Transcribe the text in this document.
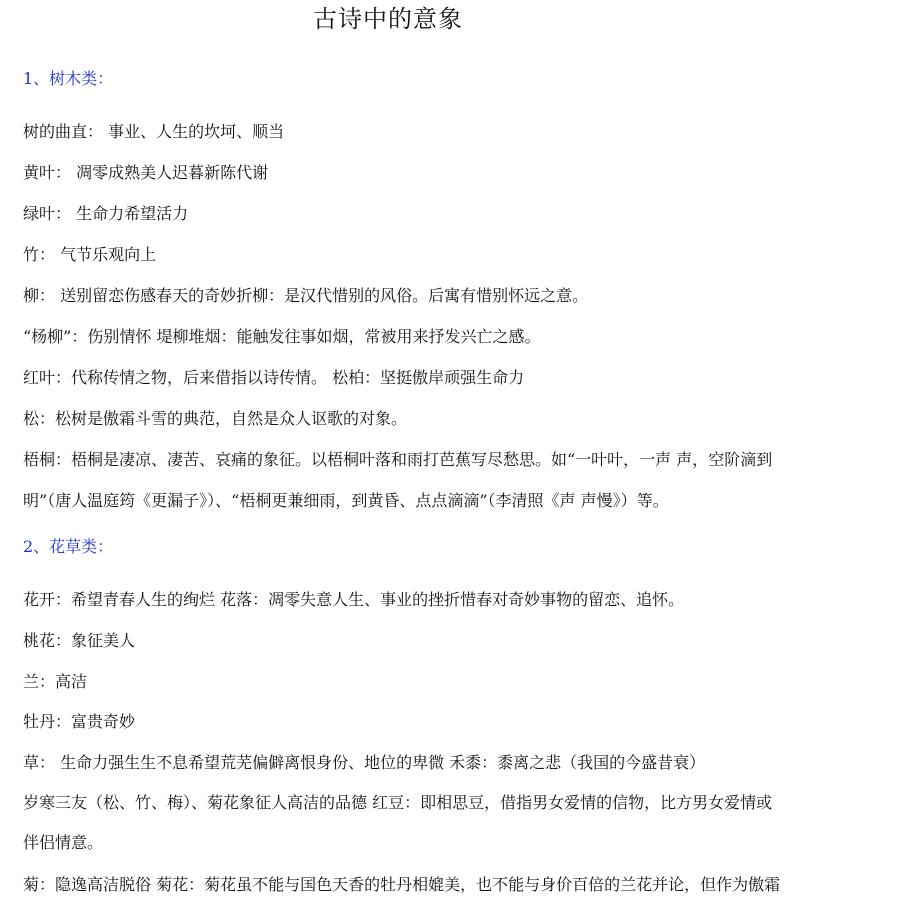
古诗中的意象
1、树木类：
树的曲直： 事业、人生的坎坷、顺当
黄叶： 凋零成熟美人迟暮新陈代谢
绿叶： 生命力希望活力
竹： 气节乐观向上
柳： 送别留恋伤感春天的奇妙折柳：是汉代惜别的风俗。后寓有惜别怀远之意。
“杨柳”：伤别情怀 堤柳堆烟：能触发往事如烟，常被用来抒发兴亡之感。
红叶：代称传情之物，后来借指以诗传情。 松柏：坚挺傲岸顽强生命力
松：松树是傲霜斗雪的典范，自然是众人讴歌的对象。
梧桐：梧桐是凄凉、凄苦、哀痛的象征。以梧桐叶落和雨打芭蕉写尽愁思。如“一叶叶，一声 声，空阶滴到
明”（唐人温庭筠《更漏子》）、“梧桐更兼细雨，到黄昏、点点滴滴”（李清照《声 声慢》）等。
2、花草类：
花开：希望青春人生的绚烂 花落：凋零失意人生、事业的挫折惜春对奇妙事物的留恋、追怀。
桃花：象征美人
兰：高洁
牡丹：富贵奇妙
草： 生命力强生生不息希望荒芜偏僻离恨身份、地位的卑微 禾黍：黍离之悲（我国的今盛昔衰）
岁寒三友（松、竹、梅）、菊花象征人高洁的品德 红豆：即相思豆，借指男女爱情的信物，比方男女爱情或
伴侣情意。
菊：隐逸高洁脱俗 菊花：菊花虽不能与国色天香的牡丹相媲美，也不能与身价百倍的兰花并论，但作为傲霜
